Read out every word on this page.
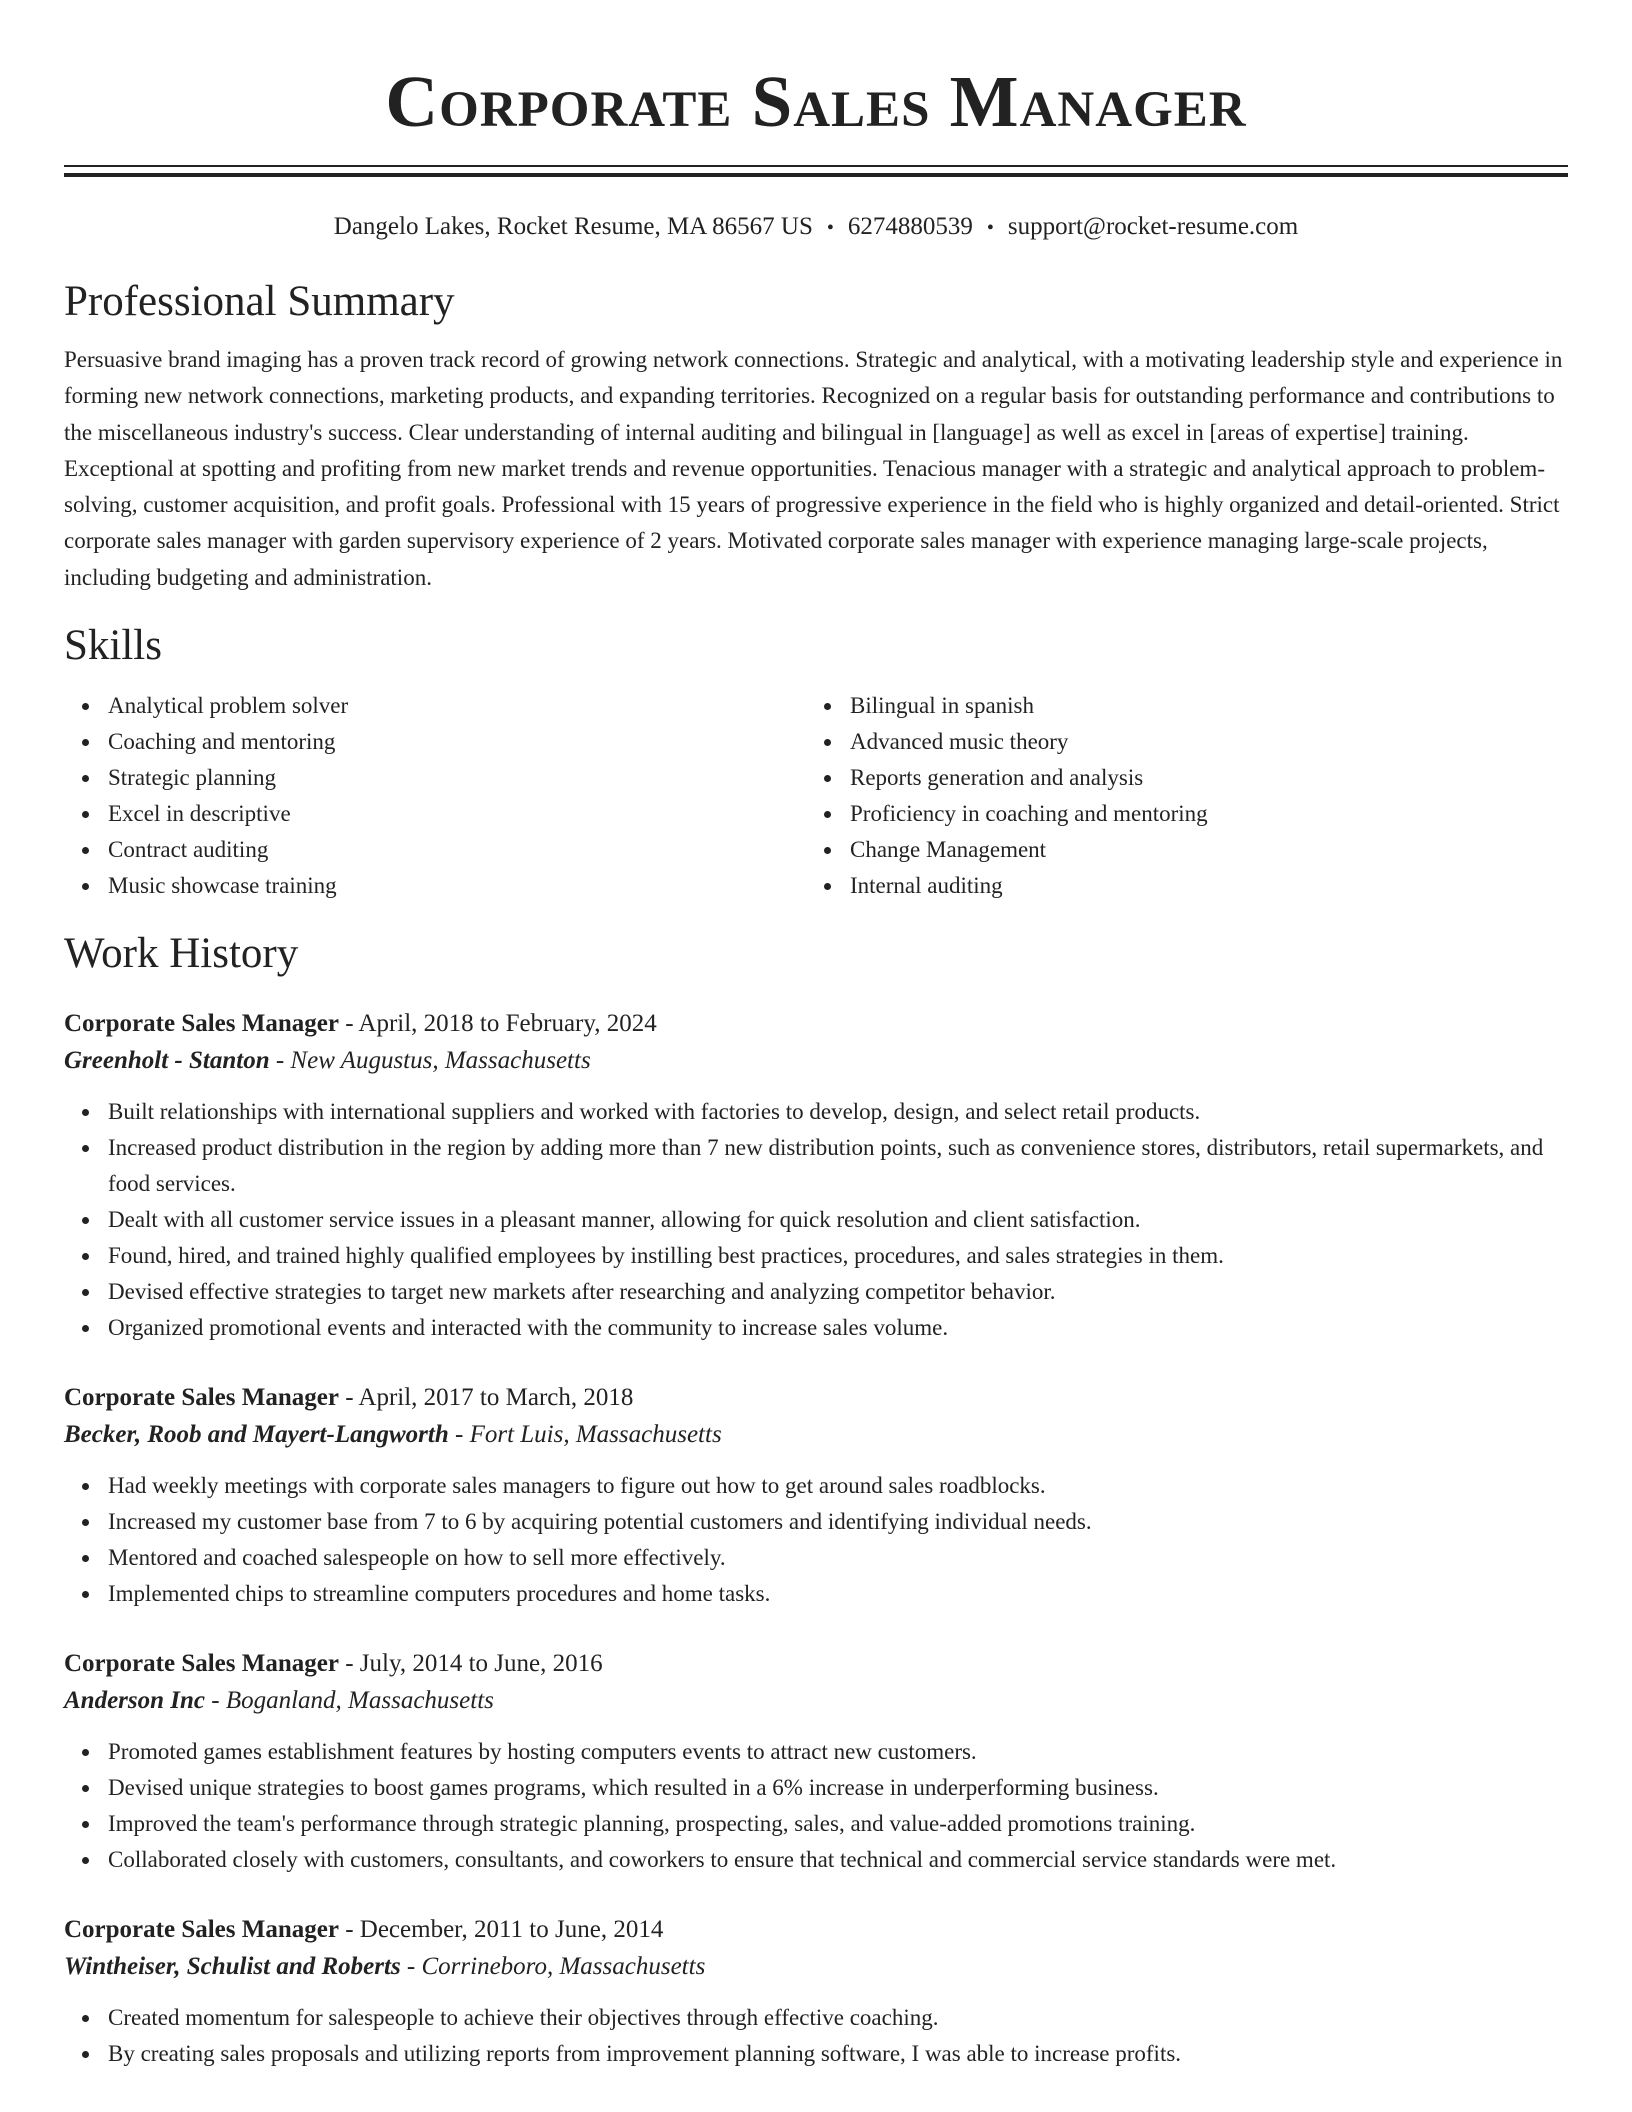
Corporate Sales Manager
Dangelo Lakes, Rocket Resume, MA 86567 US • 6274880539 • support@rocket-resume.com
Professional Summary
Persuasive brand imaging has a proven track record of growing network connections. Strategic and analytical, with a motivating leadership style and experience in forming new network connections, marketing products, and expanding territories. Recognized on a regular basis for outstanding performance and contributions to the miscellaneous industry's success. Clear understanding of internal auditing and bilingual in [language] as well as excel in [areas of expertise] training. Exceptional at spotting and profiting from new market trends and revenue opportunities. Tenacious manager with a strategic and analytical approach to problem-solving, customer acquisition, and profit goals. Professional with 15 years of progressive experience in the field who is highly organized and detail-oriented. Strict corporate sales manager with garden supervisory experience of 2 years. Motivated corporate sales manager with experience managing large-scale projects, including budgeting and administration.
Skills
Analytical problem solver
Coaching and mentoring
Strategic planning
Excel in descriptive
Contract auditing
Music showcase training
Bilingual in spanish
Advanced music theory
Reports generation and analysis
Proficiency in coaching and mentoring
Change Management
Internal auditing
Work History
Corporate Sales Manager - April, 2018 to February, 2024
Greenholt - Stanton - New Augustus, Massachusetts
Built relationships with international suppliers and worked with factories to develop, design, and select retail products.
Increased product distribution in the region by adding more than 7 new distribution points, such as convenience stores, distributors, retail supermarkets, and food services.
Dealt with all customer service issues in a pleasant manner, allowing for quick resolution and client satisfaction.
Found, hired, and trained highly qualified employees by instilling best practices, procedures, and sales strategies in them.
Devised effective strategies to target new markets after researching and analyzing competitor behavior.
Organized promotional events and interacted with the community to increase sales volume.
Corporate Sales Manager - April, 2017 to March, 2018
Becker, Roob and Mayert-Langworth - Fort Luis, Massachusetts
Had weekly meetings with corporate sales managers to figure out how to get around sales roadblocks.
Increased my customer base from 7 to 6 by acquiring potential customers and identifying individual needs.
Mentored and coached salespeople on how to sell more effectively.
Implemented chips to streamline computers procedures and home tasks.
Corporate Sales Manager - July, 2014 to June, 2016
Anderson Inc - Boganland, Massachusetts
Promoted games establishment features by hosting computers events to attract new customers.
Devised unique strategies to boost games programs, which resulted in a 6% increase in underperforming business.
Improved the team's performance through strategic planning, prospecting, sales, and value-added promotions training.
Collaborated closely with customers, consultants, and coworkers to ensure that technical and commercial service standards were met.
Corporate Sales Manager - December, 2011 to June, 2014
Wintheiser, Schulist and Roberts - Corrineboro, Massachusetts
Created momentum for salespeople to achieve their objectives through effective coaching.
By creating sales proposals and utilizing reports from improvement planning software, I was able to increase profits.
